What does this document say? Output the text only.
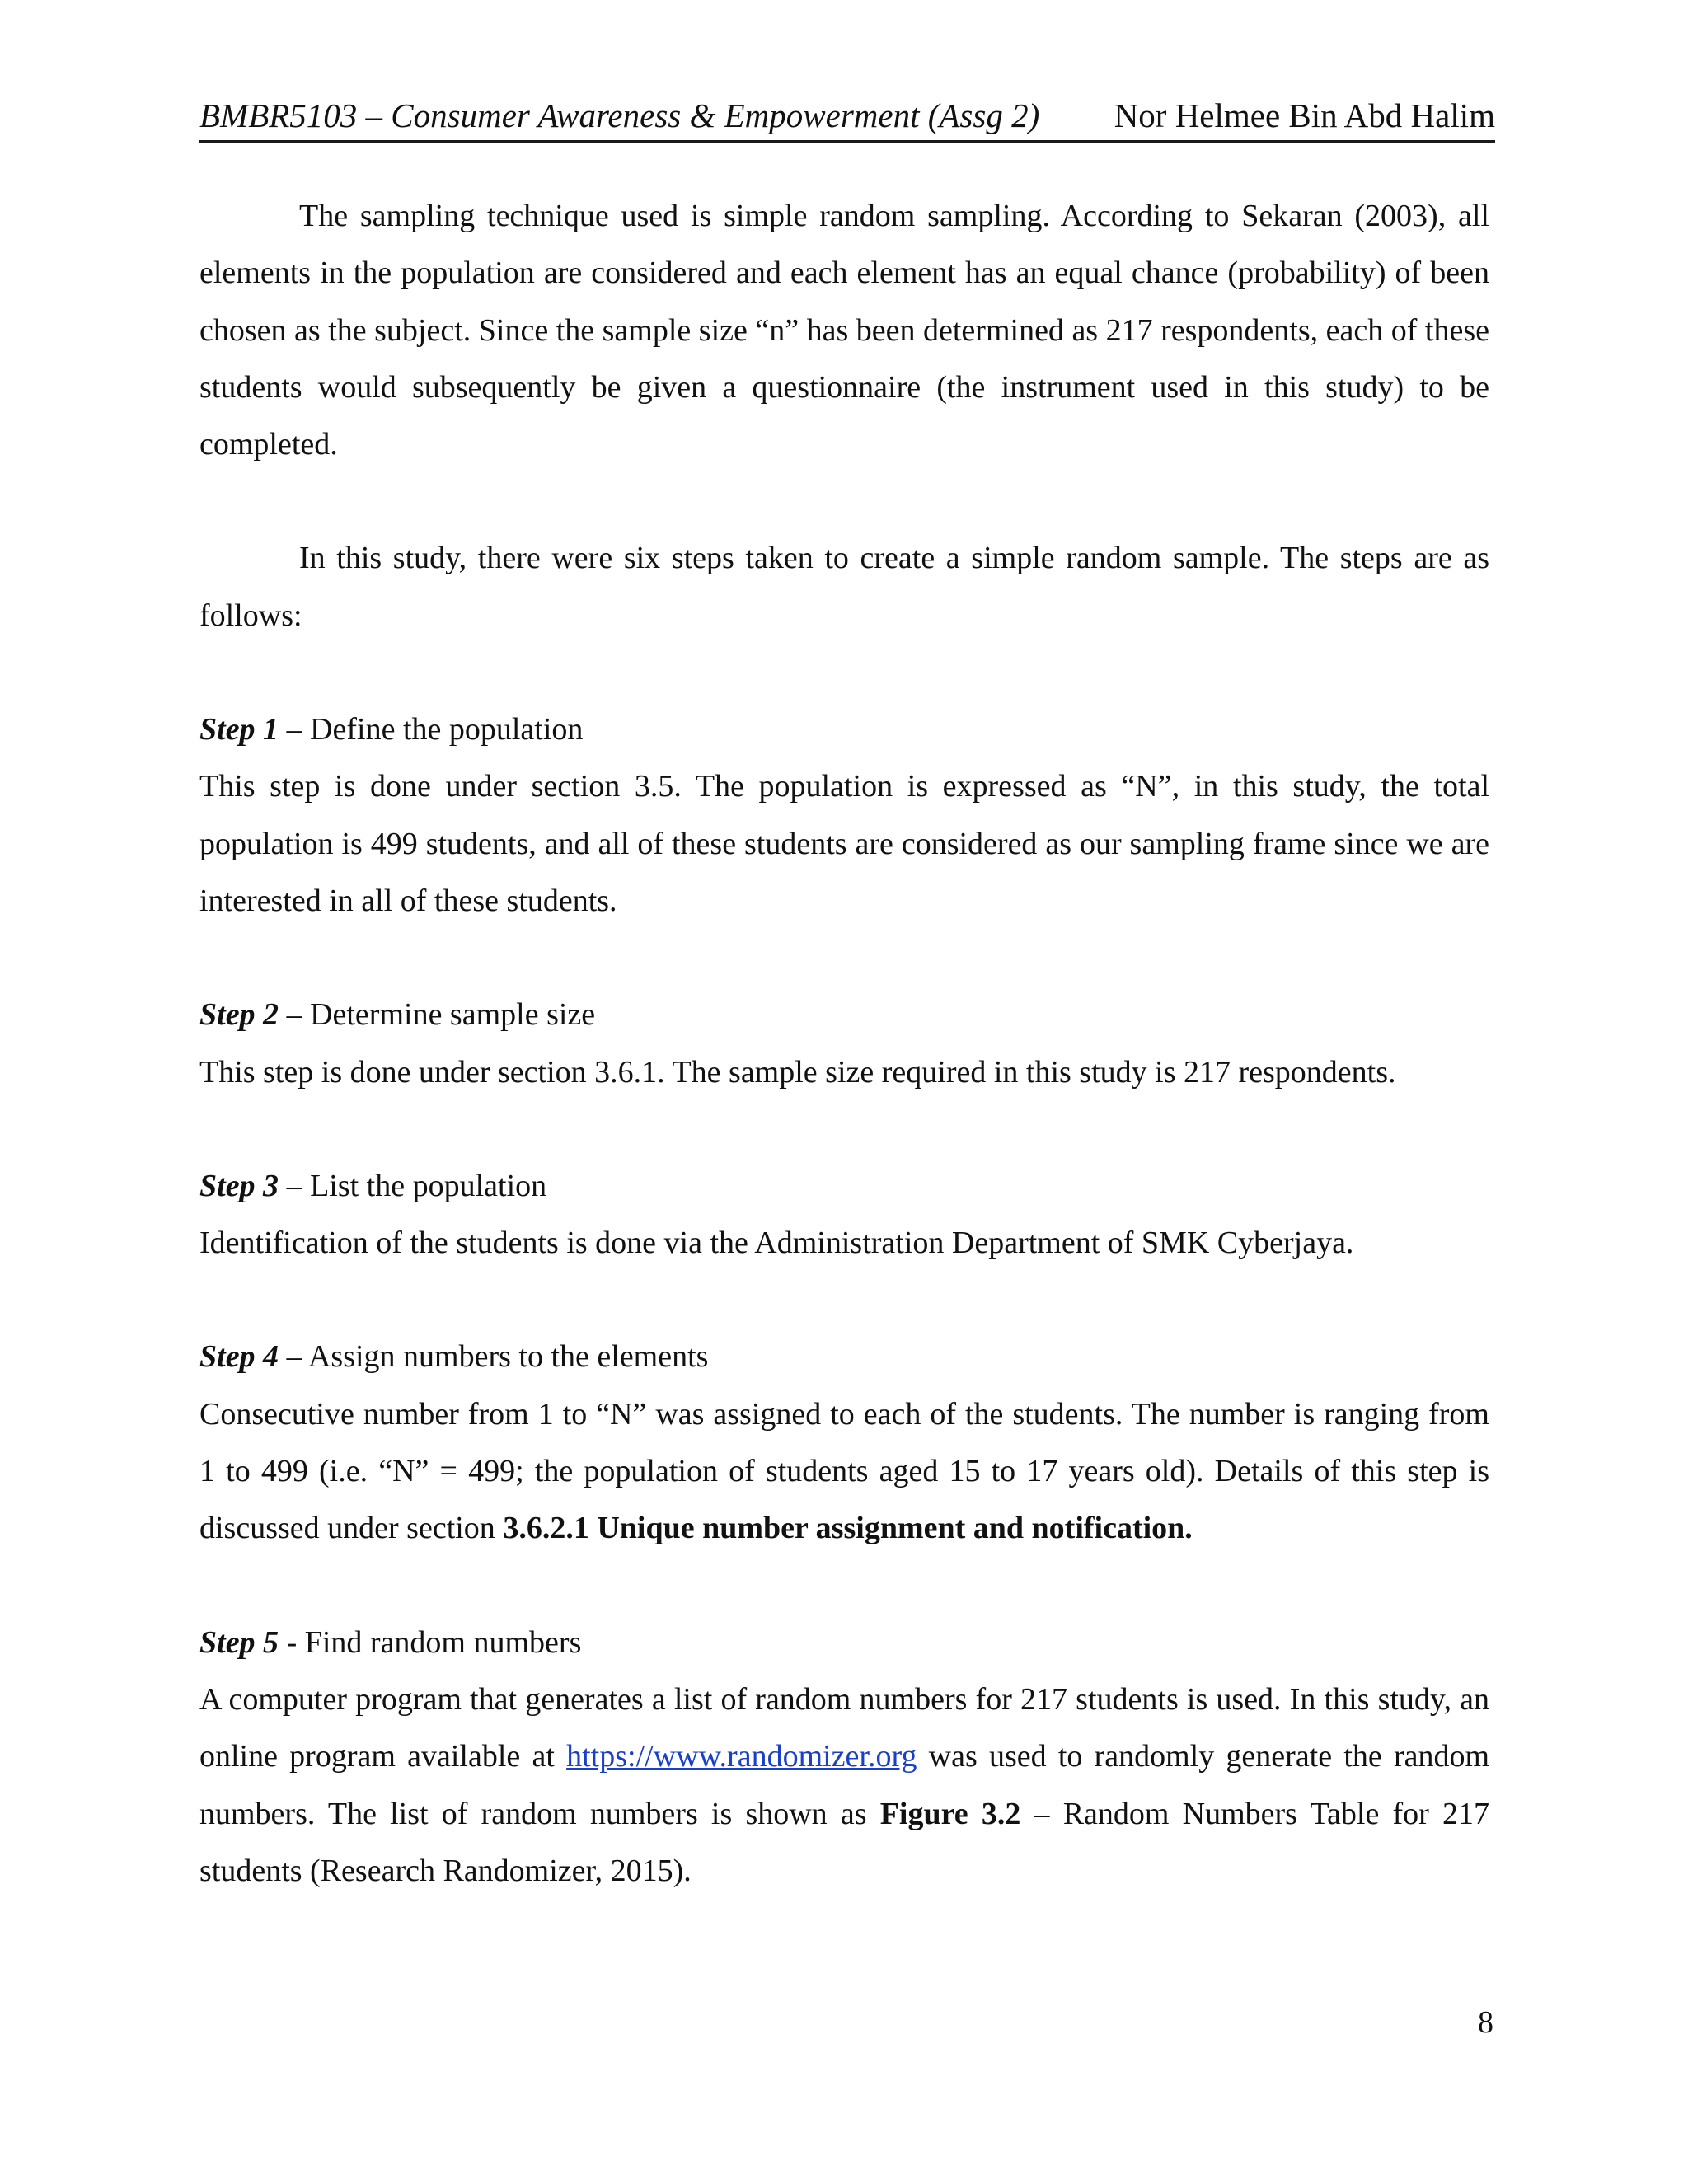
BMBR5103 – Consumer Awareness & Empowerment (Assg 2) Nor Helmee Bin Abd Halim

The sampling technique used is simple random sampling. According to Sekaran (2003), all elements in the population are considered and each element has an equal chance (probability) of been chosen as the subject. Since the sample size “n” has been determined as 217 respondents, each of these students would subsequently be given a questionnaire (the instrument used in this study) to be completed.

In this study, there were six steps taken to create a simple random sample. The steps are as follows:

Step 1 – Define the population

This step is done under section 3.5. The population is expressed as “N”, in this study, the total population is 499 students, and all of these students are considered as our sampling frame since we are interested in all of these students.

Step 2 – Determine sample size

This step is done under section 3.6.1. The sample size required in this study is 217 respondents.

Step 3 – List the population

Identification of the students is done via the Administration Department of SMK Cyberjaya.

Step 4 – Assign numbers to the elements

Consecutive number from 1 to “N” was assigned to each of the students. The number is ranging from 1 to 499 (i.e. “N” = 499; the population of students aged 15 to 17 years old). Details of this step is discussed under section 3.6.2.1 Unique number assignment and notification.

Step 5 - Find random numbers

A computer program that generates a list of random numbers for 217 students is used. In this study, an online program available at https://www.randomizer.org was used to randomly generate the random numbers. The list of random numbers is shown as Figure 3.2 – Random Numbers Table for 217 students (Research Randomizer, 2015).

8
